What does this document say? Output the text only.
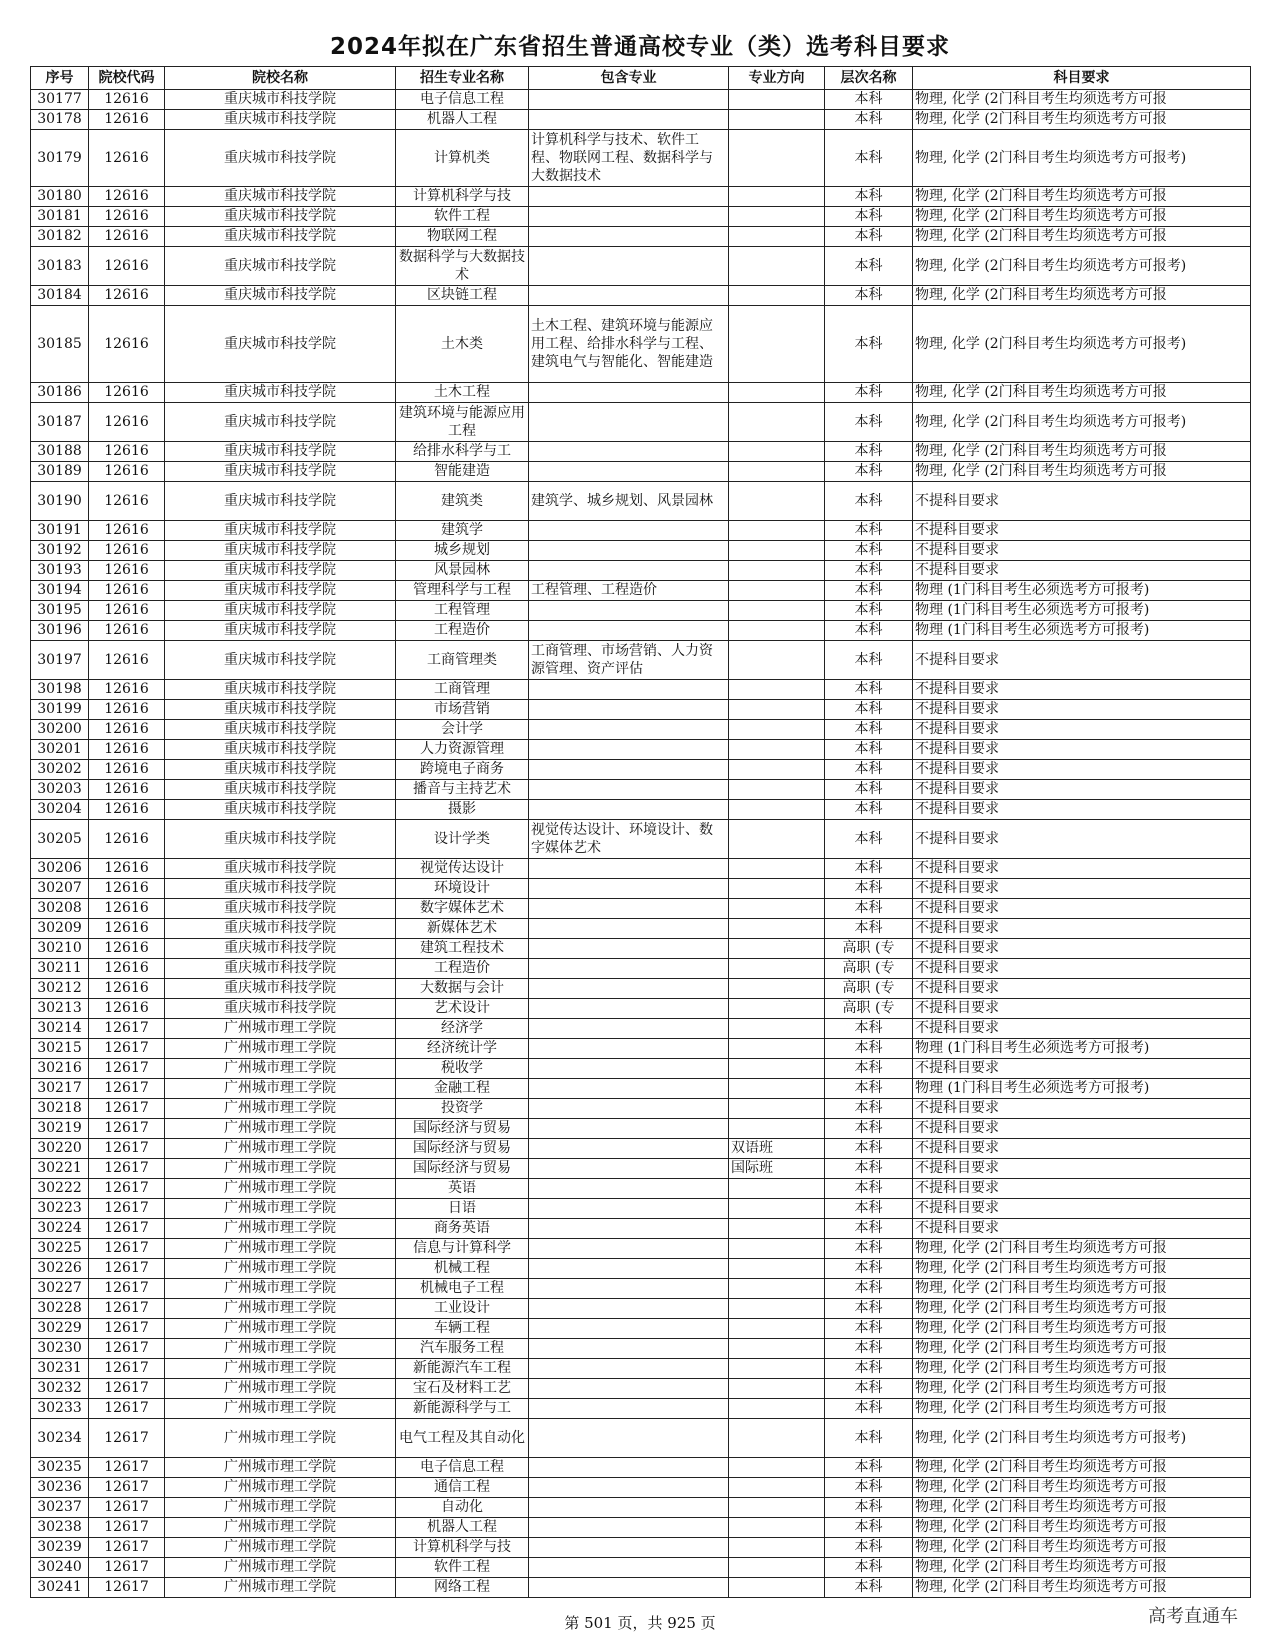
2024年拟在广东省招生普通高校专业（类）选考科目要求
序号	院校代码	院校名称	招生专业名称	包含专业	专业方向	层次名称	科目要求
30177	12616	重庆城市科技学院	电子信息工程			本科	物理, 化学 (2门科目考生均须选考方可报
30178	12616	重庆城市科技学院	机器人工程			本科	物理, 化学 (2门科目考生均须选考方可报
30179	12616	重庆城市科技学院	计算机类	计算机科学与技术、软件工程、物联网工程、数据科学与大数据技术		本科	物理, 化学 (2门科目考生均须选考方可报考)
30180	12616	重庆城市科技学院	计算机科学与技			本科	物理, 化学 (2门科目考生均须选考方可报
30181	12616	重庆城市科技学院	软件工程			本科	物理, 化学 (2门科目考生均须选考方可报
30182	12616	重庆城市科技学院	物联网工程			本科	物理, 化学 (2门科目考生均须选考方可报
30183	12616	重庆城市科技学院	数据科学与大数据技术			本科	物理, 化学 (2门科目考生均须选考方可报考)
30184	12616	重庆城市科技学院	区块链工程			本科	物理, 化学 (2门科目考生均须选考方可报
30185	12616	重庆城市科技学院	土木类	土木工程、建筑环境与能源应用工程、给排水科学与工程、建筑电气与智能化、智能建造		本科	物理, 化学 (2门科目考生均须选考方可报考)
30186	12616	重庆城市科技学院	土木工程			本科	物理, 化学 (2门科目考生均须选考方可报
30187	12616	重庆城市科技学院	建筑环境与能源应用工程			本科	物理, 化学 (2门科目考生均须选考方可报考)
30188	12616	重庆城市科技学院	给排水科学与工			本科	物理, 化学 (2门科目考生均须选考方可报
30189	12616	重庆城市科技学院	智能建造			本科	物理, 化学 (2门科目考生均须选考方可报
30190	12616	重庆城市科技学院	建筑类	建筑学、城乡规划、风景园林		本科	不提科目要求
30191	12616	重庆城市科技学院	建筑学			本科	不提科目要求
30192	12616	重庆城市科技学院	城乡规划			本科	不提科目要求
30193	12616	重庆城市科技学院	风景园林			本科	不提科目要求
30194	12616	重庆城市科技学院	管理科学与工程	工程管理、工程造价		本科	物理 (1门科目考生必须选考方可报考)
30195	12616	重庆城市科技学院	工程管理			本科	物理 (1门科目考生必须选考方可报考)
30196	12616	重庆城市科技学院	工程造价			本科	物理 (1门科目考生必须选考方可报考)
30197	12616	重庆城市科技学院	工商管理类	工商管理、市场营销、人力资源管理、资产评估		本科	不提科目要求
30198	12616	重庆城市科技学院	工商管理			本科	不提科目要求
30199	12616	重庆城市科技学院	市场营销			本科	不提科目要求
30200	12616	重庆城市科技学院	会计学			本科	不提科目要求
30201	12616	重庆城市科技学院	人力资源管理			本科	不提科目要求
30202	12616	重庆城市科技学院	跨境电子商务			本科	不提科目要求
30203	12616	重庆城市科技学院	播音与主持艺术			本科	不提科目要求
30204	12616	重庆城市科技学院	摄影			本科	不提科目要求
30205	12616	重庆城市科技学院	设计学类	视觉传达设计、环境设计、数字媒体艺术		本科	不提科目要求
30206	12616	重庆城市科技学院	视觉传达设计			本科	不提科目要求
30207	12616	重庆城市科技学院	环境设计			本科	不提科目要求
30208	12616	重庆城市科技学院	数字媒体艺术			本科	不提科目要求
30209	12616	重庆城市科技学院	新媒体艺术			本科	不提科目要求
30210	12616	重庆城市科技学院	建筑工程技术			高职 (专	不提科目要求
30211	12616	重庆城市科技学院	工程造价			高职 (专	不提科目要求
30212	12616	重庆城市科技学院	大数据与会计			高职 (专	不提科目要求
30213	12616	重庆城市科技学院	艺术设计			高职 (专	不提科目要求
30214	12617	广州城市理工学院	经济学			本科	不提科目要求
30215	12617	广州城市理工学院	经济统计学			本科	物理 (1门科目考生必须选考方可报考)
30216	12617	广州城市理工学院	税收学			本科	不提科目要求
30217	12617	广州城市理工学院	金融工程			本科	物理 (1门科目考生必须选考方可报考)
30218	12617	广州城市理工学院	投资学			本科	不提科目要求
30219	12617	广州城市理工学院	国际经济与贸易			本科	不提科目要求
30220	12617	广州城市理工学院	国际经济与贸易		双语班	本科	不提科目要求
30221	12617	广州城市理工学院	国际经济与贸易		国际班	本科	不提科目要求
30222	12617	广州城市理工学院	英语			本科	不提科目要求
30223	12617	广州城市理工学院	日语			本科	不提科目要求
30224	12617	广州城市理工学院	商务英语			本科	不提科目要求
30225	12617	广州城市理工学院	信息与计算科学			本科	物理, 化学 (2门科目考生均须选考方可报
30226	12617	广州城市理工学院	机械工程			本科	物理, 化学 (2门科目考生均须选考方可报
30227	12617	广州城市理工学院	机械电子工程			本科	物理, 化学 (2门科目考生均须选考方可报
30228	12617	广州城市理工学院	工业设计			本科	物理, 化学 (2门科目考生均须选考方可报
30229	12617	广州城市理工学院	车辆工程			本科	物理, 化学 (2门科目考生均须选考方可报
30230	12617	广州城市理工学院	汽车服务工程			本科	物理, 化学 (2门科目考生均须选考方可报
30231	12617	广州城市理工学院	新能源汽车工程			本科	物理, 化学 (2门科目考生均须选考方可报
30232	12617	广州城市理工学院	宝石及材料工艺			本科	物理, 化学 (2门科目考生均须选考方可报
30233	12617	广州城市理工学院	新能源科学与工			本科	物理, 化学 (2门科目考生均须选考方可报
30234	12617	广州城市理工学院	电气工程及其自动化			本科	物理, 化学 (2门科目考生均须选考方可报考)
30235	12617	广州城市理工学院	电子信息工程			本科	物理, 化学 (2门科目考生均须选考方可报
30236	12617	广州城市理工学院	通信工程			本科	物理, 化学 (2门科目考生均须选考方可报
30237	12617	广州城市理工学院	自动化			本科	物理, 化学 (2门科目考生均须选考方可报
30238	12617	广州城市理工学院	机器人工程			本科	物理, 化学 (2门科目考生均须选考方可报
30239	12617	广州城市理工学院	计算机科学与技			本科	物理, 化学 (2门科目考生均须选考方可报
30240	12617	广州城市理工学院	软件工程			本科	物理, 化学 (2门科目考生均须选考方可报
30241	12617	广州城市理工学院	网络工程			本科	物理, 化学 (2门科目考生均须选考方可报
第 501 页，共 925 页	高考直通车
